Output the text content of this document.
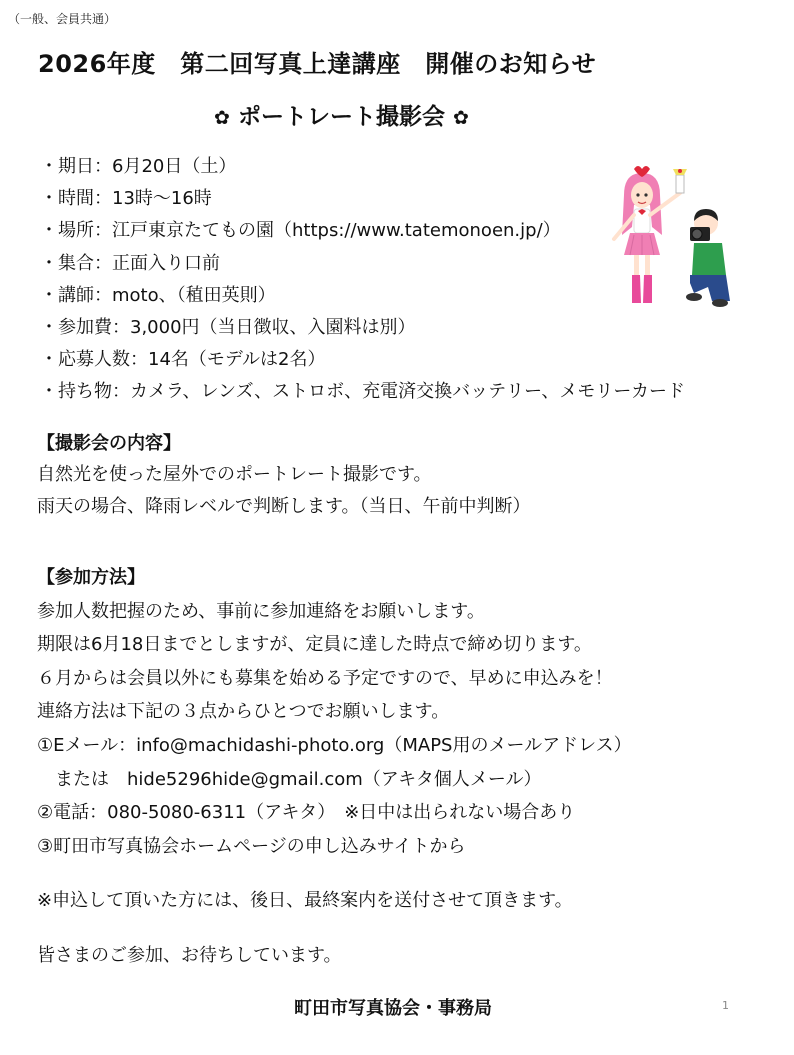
（一般、会員共通）
2026年度　第二回写真上達講座　開催のお知らせ
✿ ポートレート撮影会 ✿
・期日：6月20日（土）
・時間：13時～16時
・場所：江戸東京たてもの園（https://www.tatemonoen.jp/）
・集合：正面入り口前
・講師：moto、（稙田英則）
・参加費：3,000円（当日徴収、入園料は別）
・応募人数：14名（モデルは2名）
・持ち物：カメラ、レンズ、ストロボ、充電済交換バッテリー、メモリーカード
【撮影会の内容】
自然光を使った屋外でのポートレート撮影です。
雨天の場合、降雨レベルで判断します。（当日、午前中判断）
【参加方法】
参加人数把握のため、事前に参加連絡をお願いします。
期限は6月18日までとしますが、定員に達した時点で締め切ります。
６月からは会員以外にも募集を始める予定ですので、早めに申込みを！
連絡方法は下記の３点からひとつでお願いします。
①Eメール：info@machidashi-photo.org（MAPS用のメールアドレス）
　または　hide5296hide@gmail.com（アキタ個人メール）
②電話：080-5080-6311（アキタ）　※日中は出られない場合あり
③町田市写真協会ホームページの申し込みサイトから
※申込して頂いた方には、後日、最終案内を送付させて頂きます。
皆さまのご参加、お待ちしています。
町田市写真協会・事務局	1
